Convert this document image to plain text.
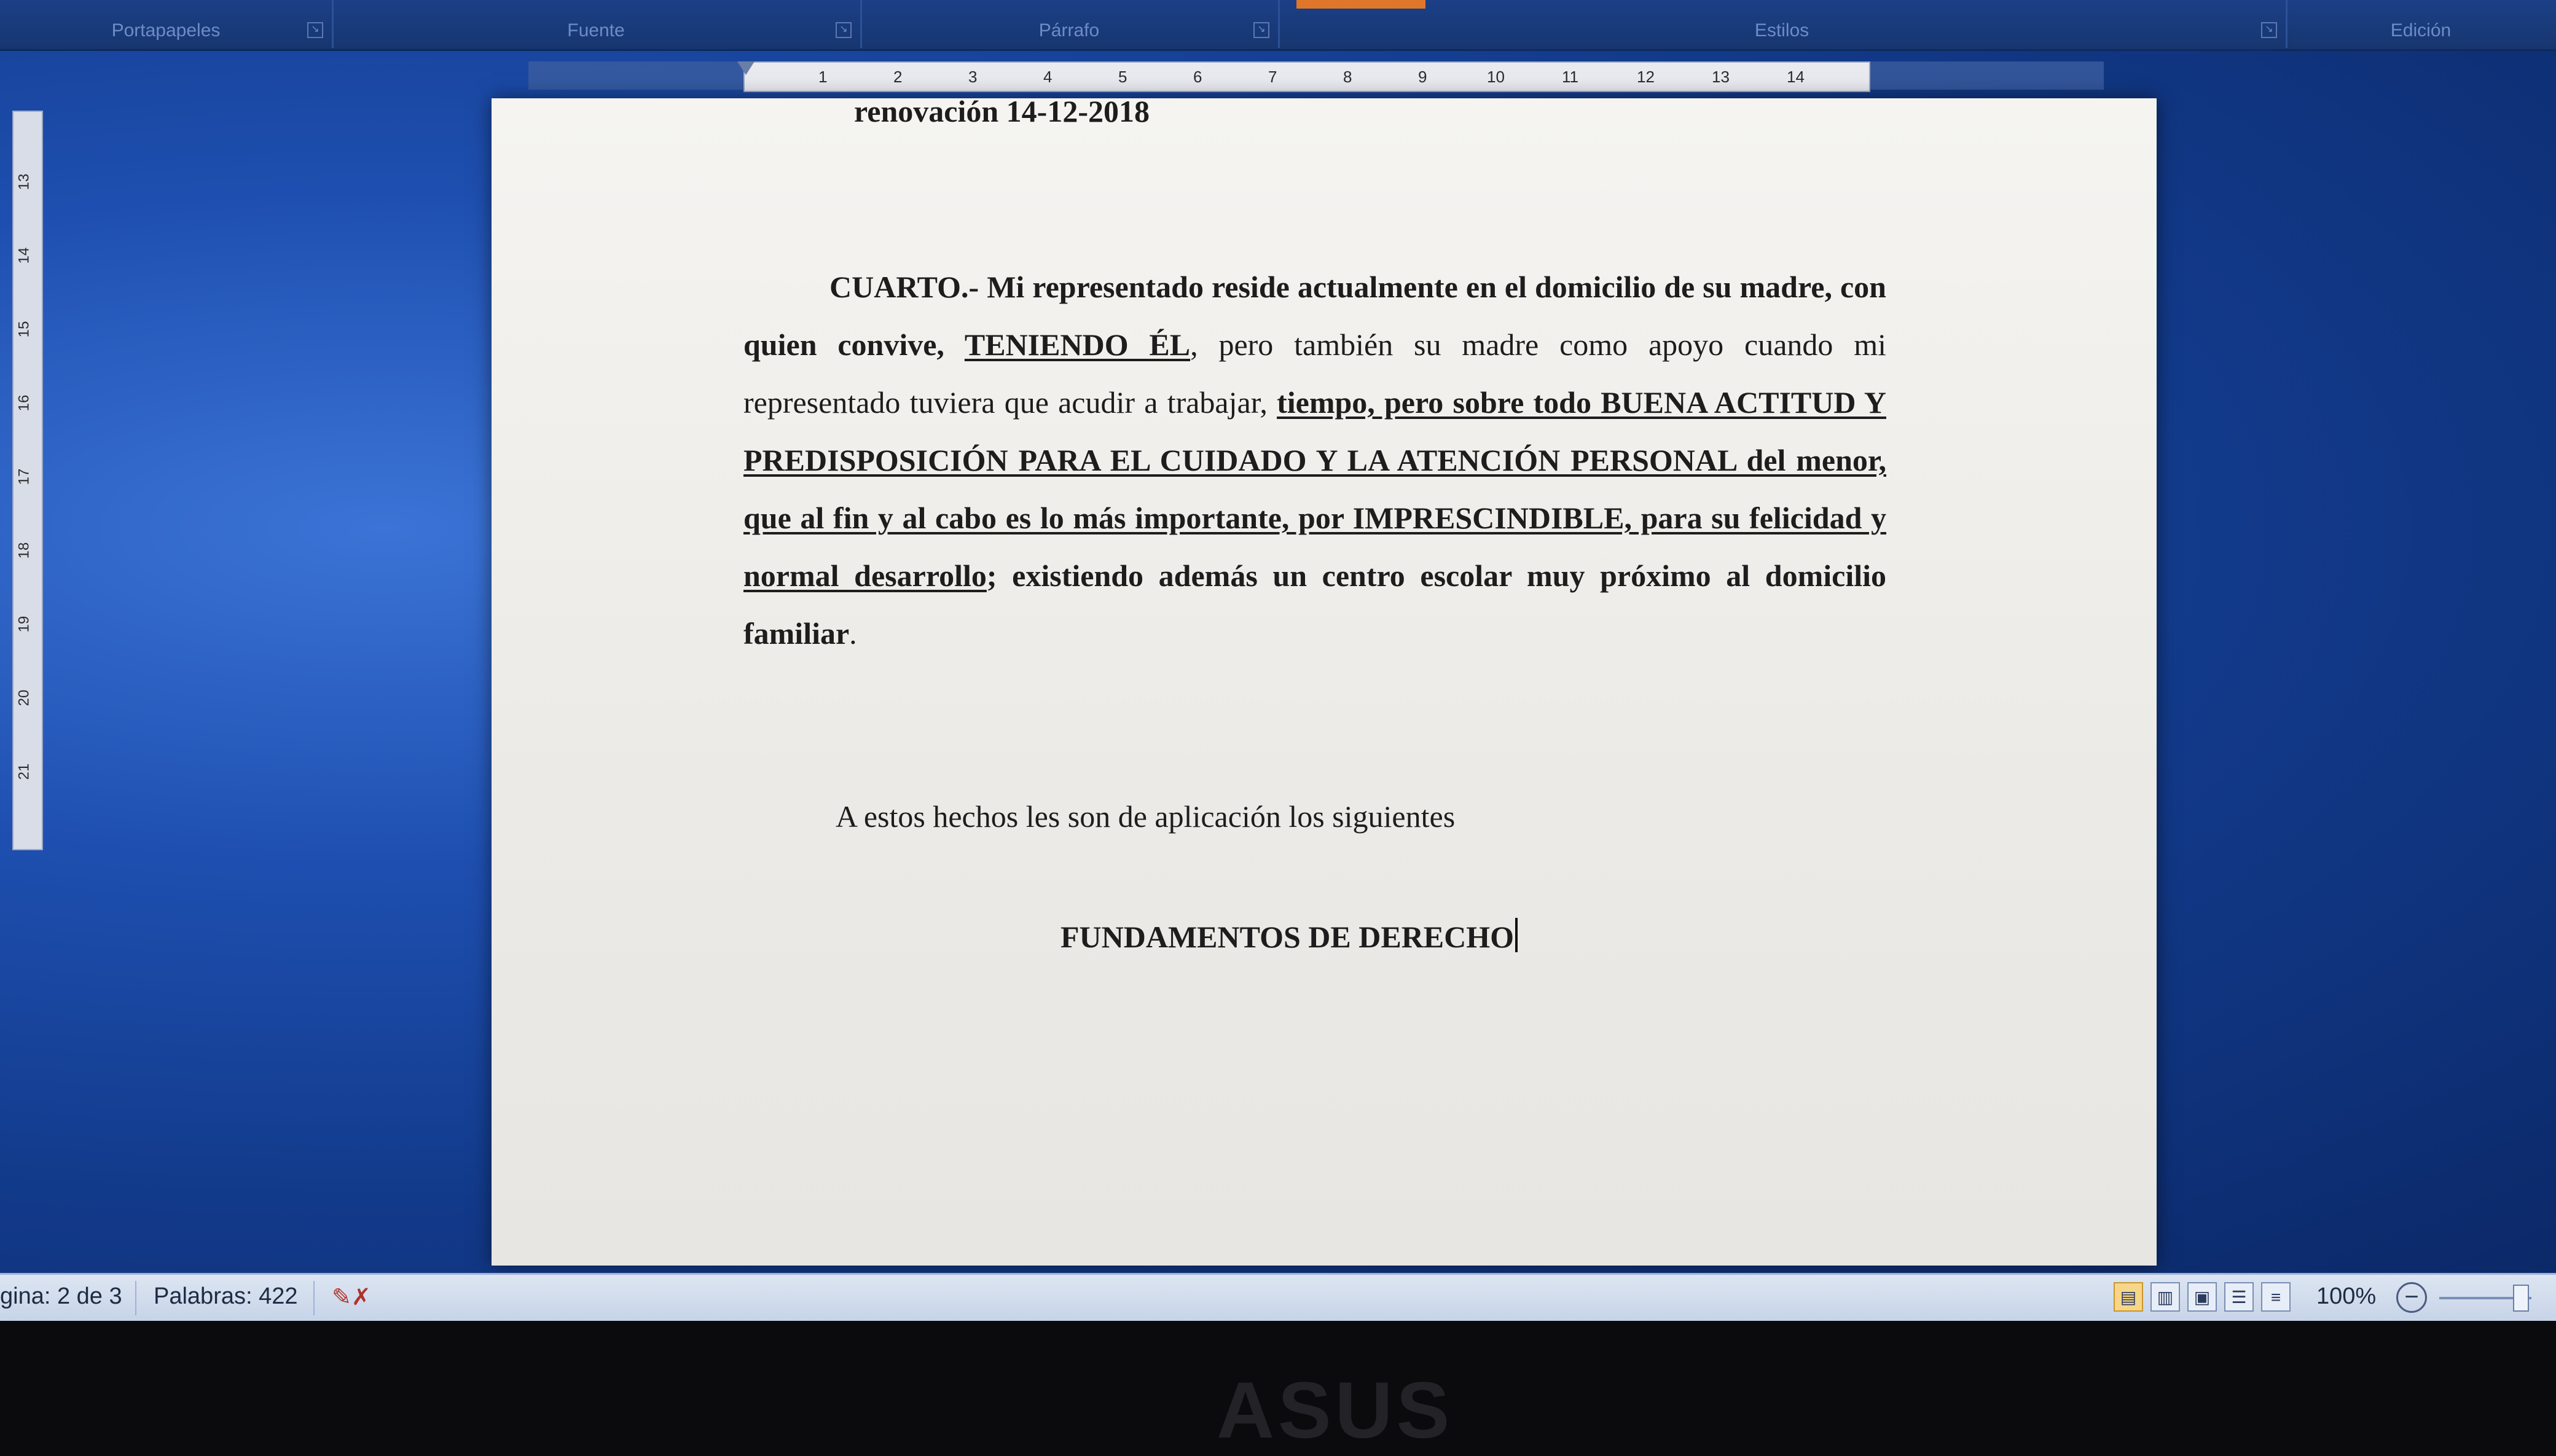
Portapapeles	↘	Fuente	↘	Párrafo	↘	Estilos	↘	Edición
1	2	3	4	5	6	7	8	9	10	11	12	13	14
13
14
15
16
17
18
19
20
21
renovación 14-12-2018
CUARTO.- Mi representado reside actualmente en el domicilio de su madre, con quien convive, TENIENDO ÉL, pero también su madre como apoyo cuando mi representado tuviera que acudir a trabajar, tiempo, pero sobre todo BUENA ACTITUD Y PREDISPOSICIÓN PARA EL CUIDADO Y LA ATENCIÓN PERSONAL del menor, que al fin y al cabo es lo más importante, por IMPRESCINDIBLE, para su felicidad y normal desarrollo; existiendo además un centro escolar muy próximo al domicilio familiar.
A estos hechos les son de aplicación los siguientes
FUNDAMENTOS DE DERECHO
gina: 2 de 3 Palabras: 422 ✎✗	▤	▥	▣	☰	≡	100%	−
ASUS
